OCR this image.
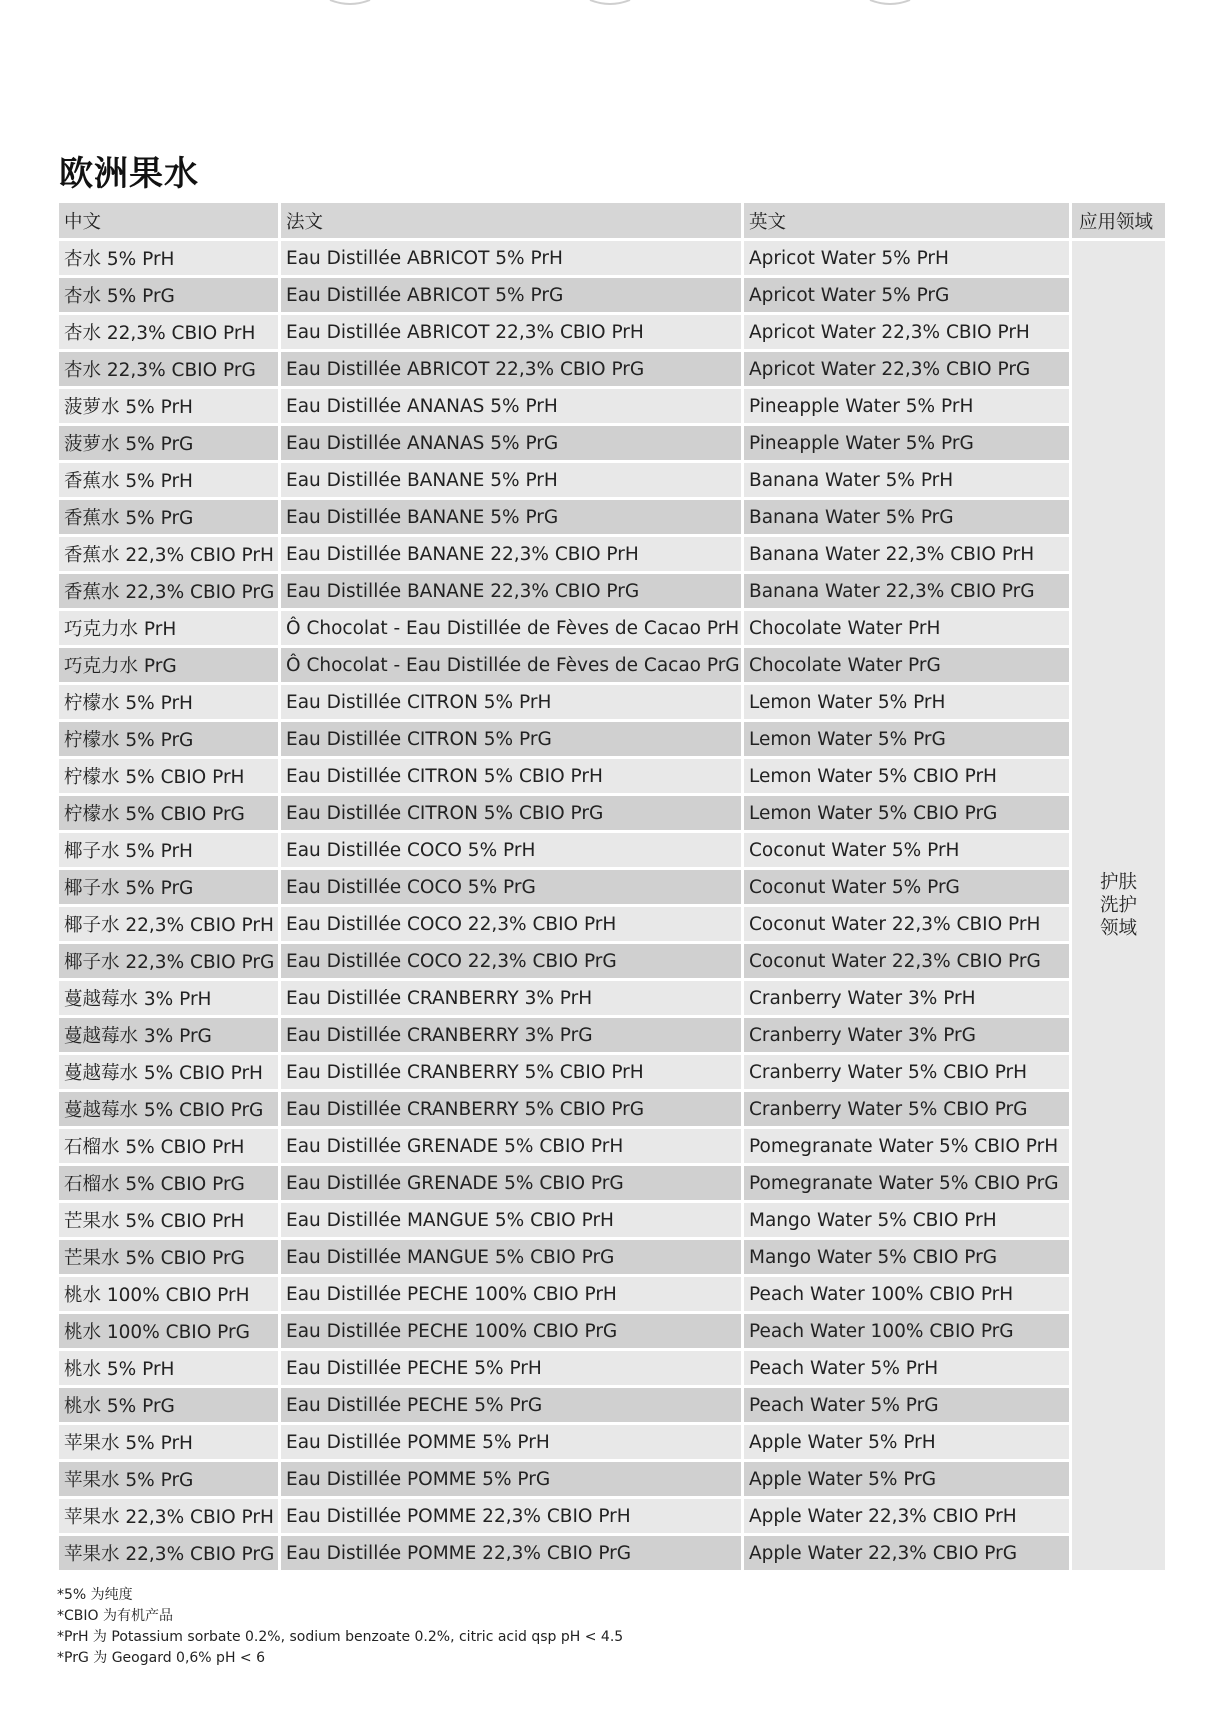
欧洲果水
中文	法文	英文	应用领域
杏水 5% PrH	Eau Distillée ABRICOT 5% PrH	Apricot Water 5% PrH	护肤
洗护
领域

杏水 5% PrG	Eau Distillée ABRICOT 5% PrG	Apricot Water 5% PrG	
杏水 22,3% CBIO PrH	Eau Distillée ABRICOT 22,3% CBIO PrH	Apricot Water 22,3% CBIO PrH	
杏水 22,3% CBIO PrG	Eau Distillée ABRICOT 22,3% CBIO PrG	Apricot Water 22,3% CBIO PrG	
菠萝水 5% PrH	Eau Distillée ANANAS 5% PrH	Pineapple Water 5% PrH	
菠萝水 5% PrG	Eau Distillée ANANAS 5% PrG	Pineapple Water 5% PrG	
香蕉水 5% PrH	Eau Distillée BANANE 5% PrH	Banana Water 5% PrH	
香蕉水 5% PrG	Eau Distillée BANANE 5% PrG	Banana Water 5% PrG	
香蕉水 22,3% CBIO PrH	Eau Distillée BANANE 22,3% CBIO PrH	Banana Water 22,3% CBIO PrH	
香蕉水 22,3% CBIO PrG	Eau Distillée BANANE 22,3% CBIO PrG	Banana Water 22,3% CBIO PrG	
巧克力水 PrH	Ô Chocolat - Eau Distillée de Fèves de Cacao PrH	Chocolate Water PrH	
巧克力水 PrG	Ô Chocolat - Eau Distillée de Fèves de Cacao PrG	Chocolate Water PrG	
柠檬水 5% PrH	Eau Distillée CITRON 5% PrH	Lemon Water 5% PrH	
柠檬水 5% PrG	Eau Distillée CITRON 5% PrG	Lemon Water 5% PrG	
柠檬水 5% CBIO PrH	Eau Distillée CITRON 5% CBIO PrH	Lemon Water 5% CBIO PrH	
柠檬水 5% CBIO PrG	Eau Distillée CITRON 5% CBIO PrG	Lemon Water 5% CBIO PrG	
椰子水 5% PrH	Eau Distillée COCO 5% PrH	Coconut Water 5% PrH	
椰子水 5% PrG	Eau Distillée COCO 5% PrG	Coconut Water 5% PrG	
椰子水 22,3% CBIO PrH	Eau Distillée COCO 22,3% CBIO PrH	Coconut Water 22,3% CBIO PrH	
椰子水 22,3% CBIO PrG	Eau Distillée COCO 22,3% CBIO PrG	Coconut Water 22,3% CBIO PrG	
蔓越莓水 3% PrH	Eau Distillée CRANBERRY 3% PrH	Cranberry Water 3% PrH	
蔓越莓水 3% PrG	Eau Distillée CRANBERRY 3% PrG	Cranberry Water 3% PrG	
蔓越莓水 5% CBIO PrH	Eau Distillée CRANBERRY 5% CBIO PrH	Cranberry Water 5% CBIO PrH	
蔓越莓水 5% CBIO PrG	Eau Distillée CRANBERRY 5% CBIO PrG	Cranberry Water 5% CBIO PrG	
石榴水 5% CBIO PrH	Eau Distillée GRENADE 5% CBIO PrH	Pomegranate Water 5% CBIO PrH	
石榴水 5% CBIO PrG	Eau Distillée GRENADE 5% CBIO PrG	Pomegranate Water 5% CBIO PrG	
芒果水 5% CBIO PrH	Eau Distillée MANGUE 5% CBIO PrH	Mango Water 5% CBIO PrH	
芒果水 5% CBIO PrG	Eau Distillée MANGUE 5% CBIO PrG	Mango Water 5% CBIO PrG	
桃水 100% CBIO PrH	Eau Distillée PECHE 100% CBIO PrH	Peach Water 100% CBIO PrH	
桃水 100% CBIO PrG	Eau Distillée PECHE 100% CBIO PrG	Peach Water 100% CBIO PrG	
桃水 5% PrH	Eau Distillée PECHE 5% PrH	Peach Water 5% PrH	
桃水 5% PrG	Eau Distillée PECHE 5% PrG	Peach Water 5% PrG	
苹果水 5% PrH	Eau Distillée POMME 5% PrH	Apple Water 5% PrH	
苹果水 5% PrG	Eau Distillée POMME 5% PrG	Apple Water 5% PrG	
苹果水 22,3% CBIO PrH	Eau Distillée POMME 22,3% CBIO PrH	Apple Water 22,3% CBIO PrH	
苹果水 22,3% CBIO PrG	Eau Distillée POMME 22,3% CBIO PrG	Apple Water 22,3% CBIO PrG	
*5% 为纯度
*CBIO 为有机产品
*PrH 为 Potassium sorbate 0.2%, sodium benzoate 0.2%, citric acid qsp pH < 4.5
*PrG 为 Geogard 0,6% pH < 6
